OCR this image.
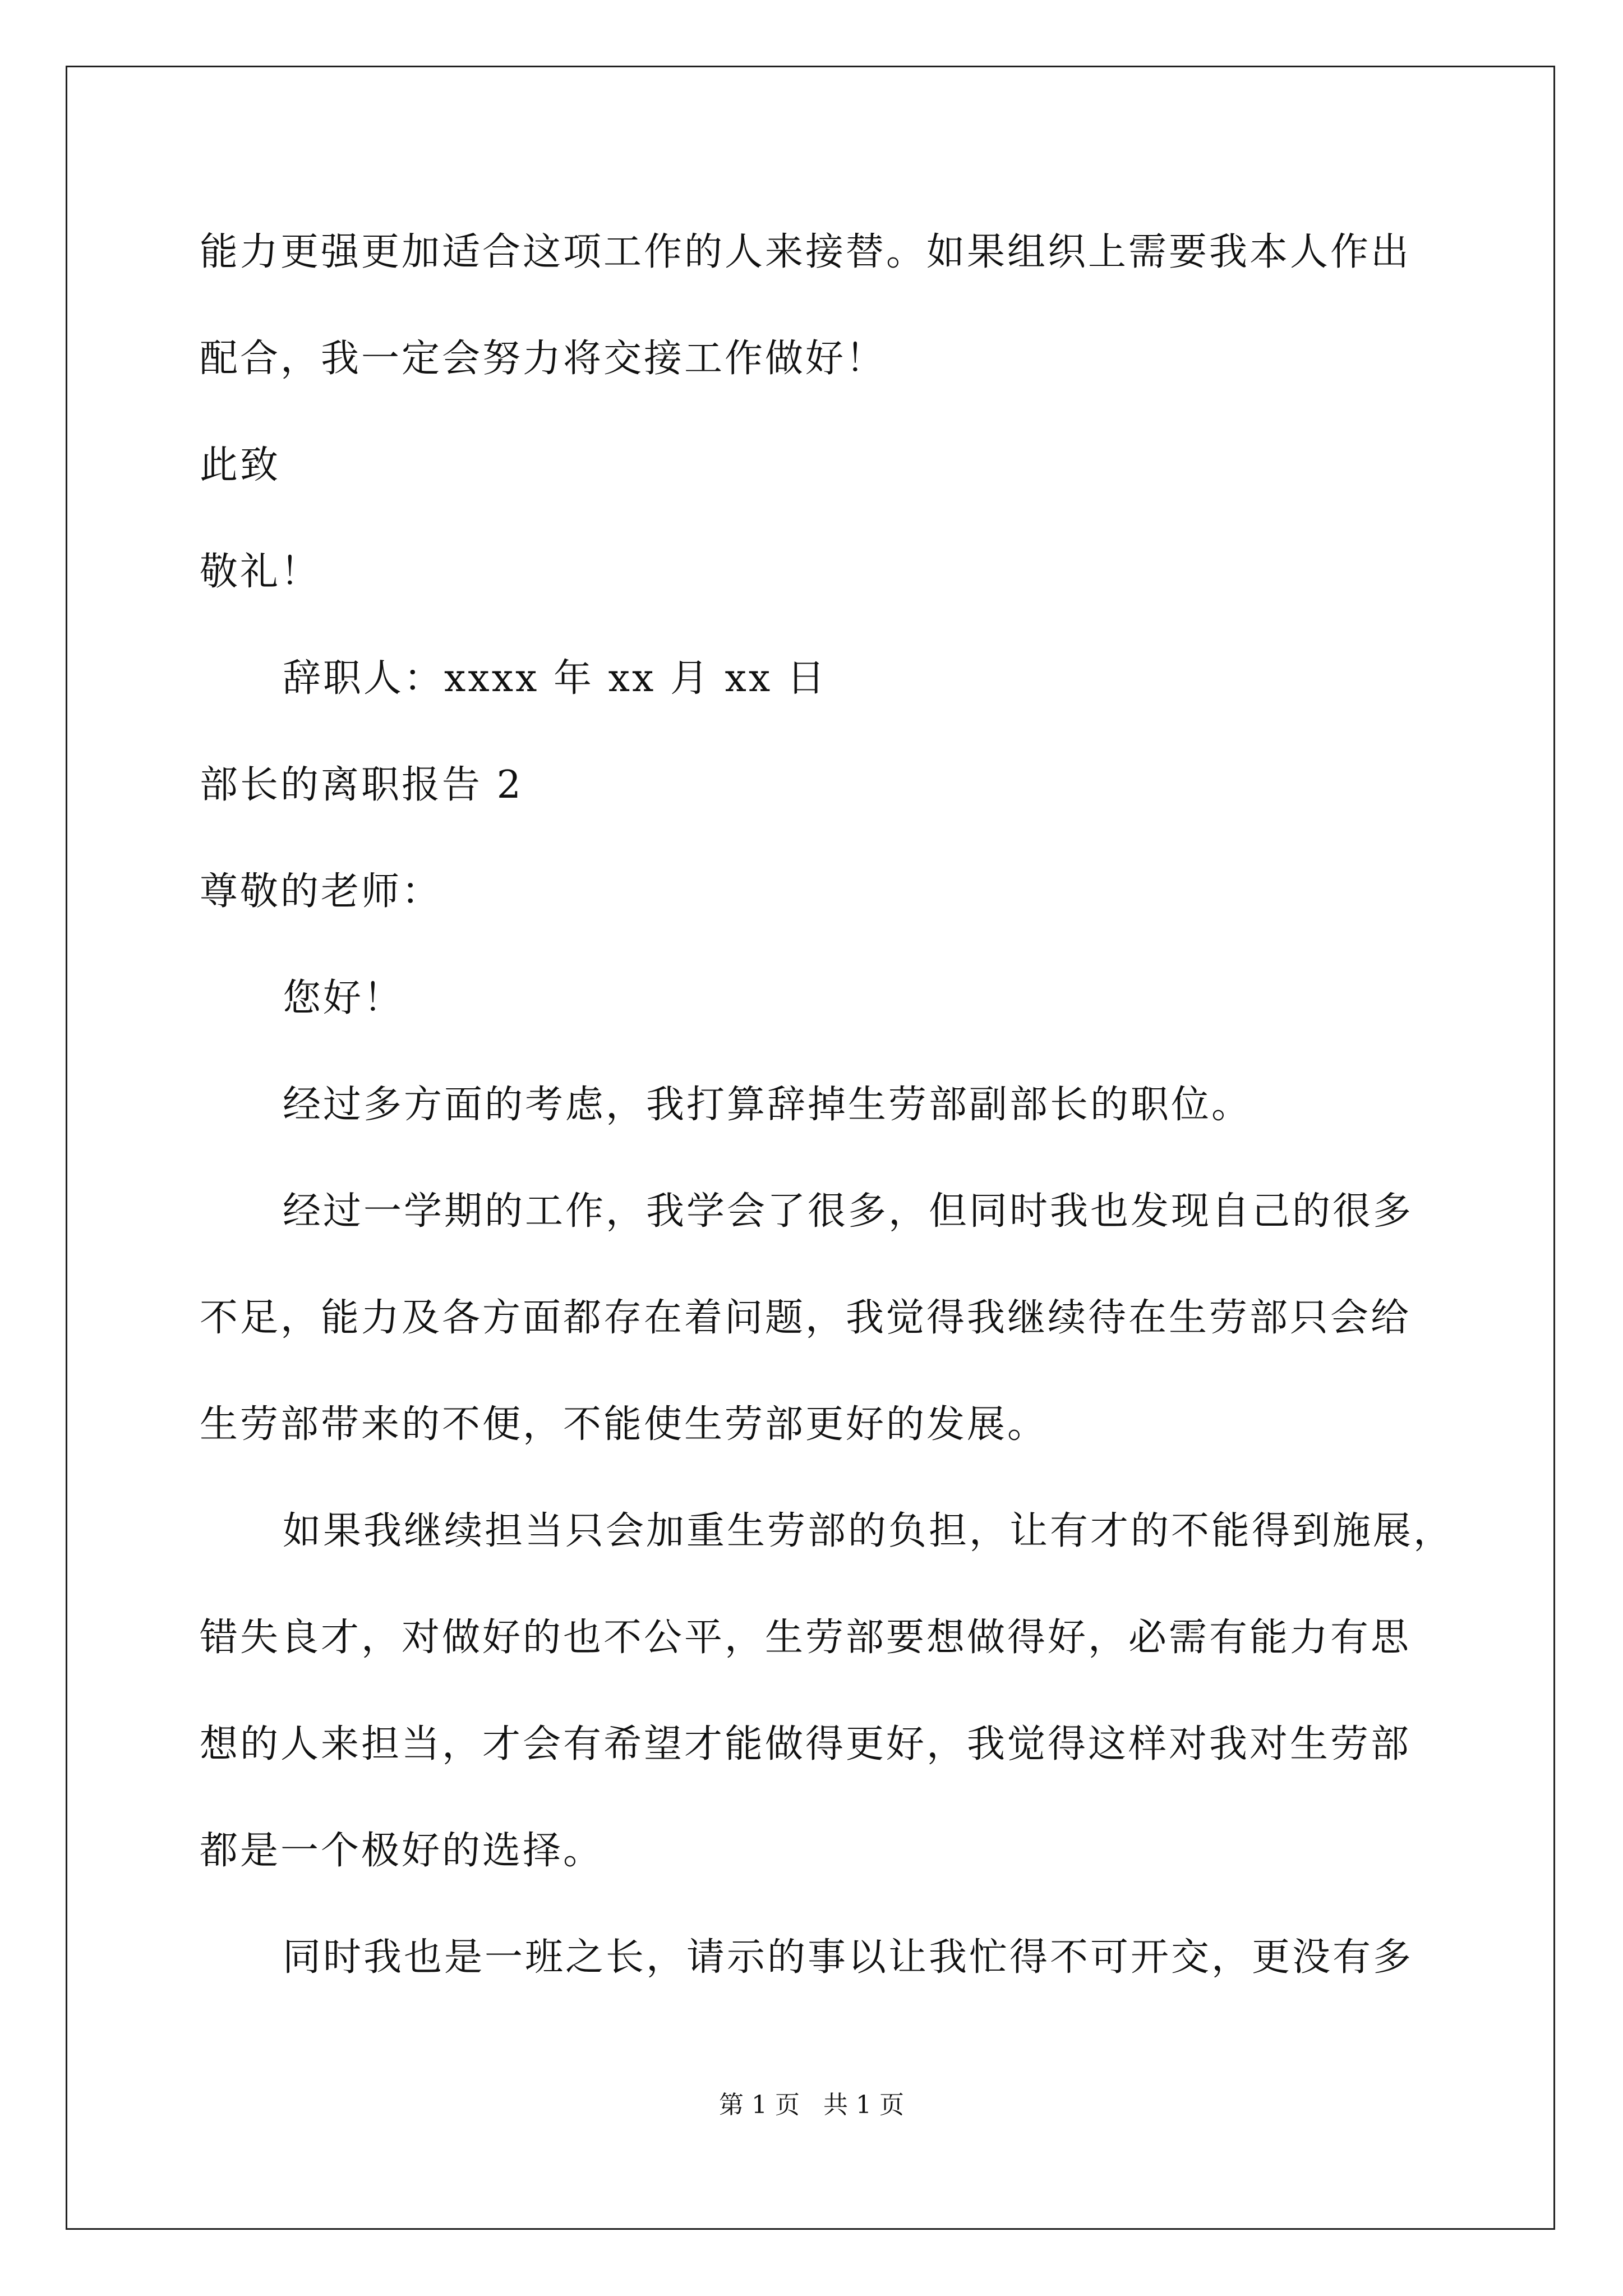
能力更强更加适合这项工作的人来接替。如果组织上需要我本人作出
配合，我一定会努力将交接工作做好！
此致
敬礼！
辞职人：xxxx 年 xx 月 xx 日
部长的离职报告 2
尊敬的老师：
您好！
经过多方面的考虑，我打算辞掉生劳部副部长的职位。
经过一学期的工作，我学会了很多，但同时我也发现自己的很多
不足，能力及各方面都存在着问题，我觉得我继续待在生劳部只会给
生劳部带来的不便，不能使生劳部更好的发展。
如果我继续担当只会加重生劳部的负担，让有才的不能得到施展，
错失良才，对做好的也不公平，生劳部要想做得好，必需有能力有思
想的人来担当，才会有希望才能做得更好，我觉得这样对我对生劳部
都是一个极好的选择。
同时我也是一班之长，请示的事以让我忙得不可开交，更没有多
第 1 页 共 1 页
